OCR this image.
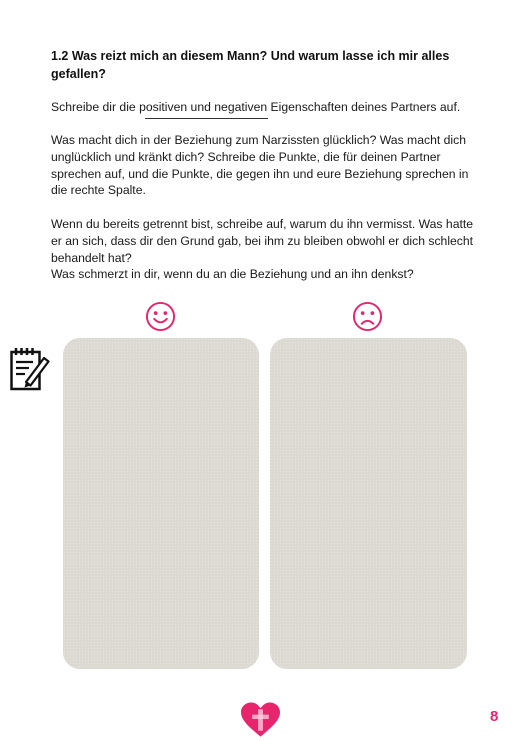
1.2 Was reizt mich an diesem Mann? Und warum lasse ich mir alles gefallen?
Schreibe dir die positiven und negativen Eigenschaften deines Partners auf.
Was macht dich in der Beziehung zum Narzissten glücklich? Was macht dich unglücklich und kränkt dich? Schreibe die Punkte, die für deinen Partner sprechen auf, und die Punkte, die gegen ihn und eure Beziehung sprechen in die rechte Spalte.
Wenn du bereits getrennt bist, schreibe auf, warum du ihn vermisst. Was hatte er an sich, dass dir den Grund gab, bei ihm zu bleiben obwohl er dich schlecht behandelt hat?
Was schmerzt in dir, wenn du an die Beziehung und an ihn denkst?
8
